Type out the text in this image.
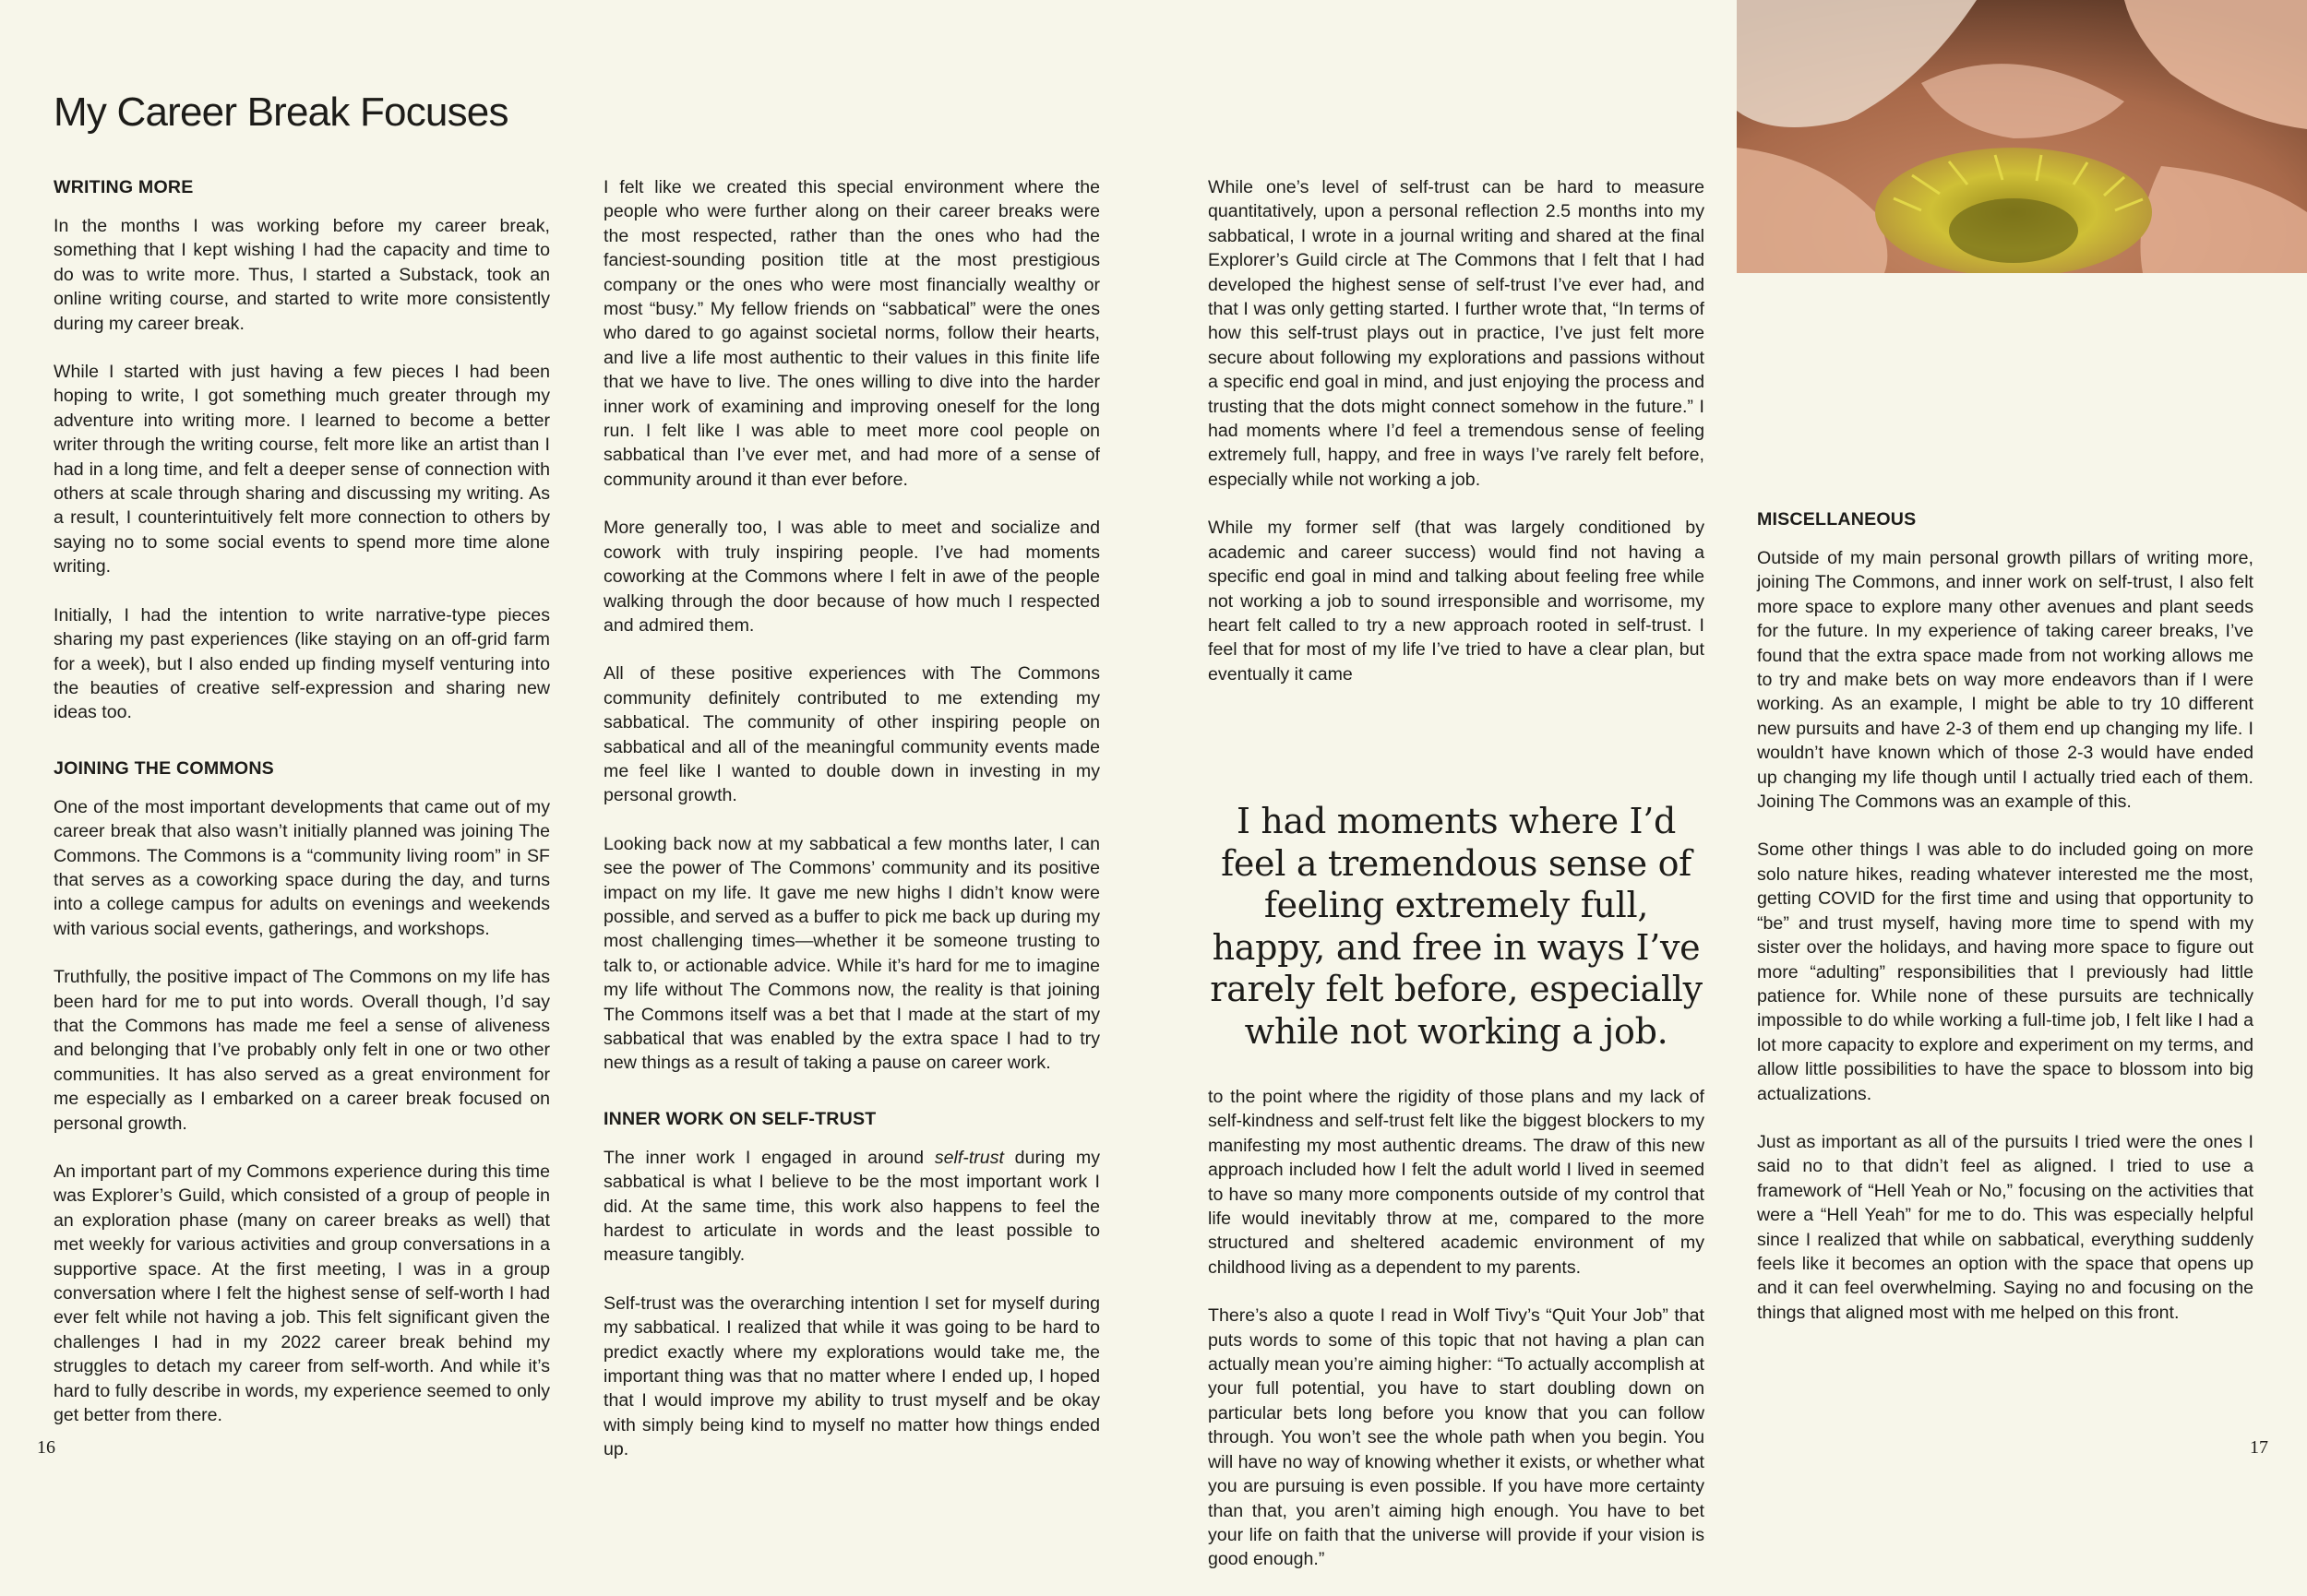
My Career Break Focuses
WRITING MORE

In the months I was working before my career break, something that I kept wishing I had the capacity and time to do was to write more. Thus, I started a Substack, took an online writing course, and started to write more consistently during my career break.

While I started with just having a few pieces I had been hoping to write, I got something much greater through my adventure into writing more. I learned to become a better writer through the writing course, felt more like an artist than I had in a long time, and felt a deeper sense of connection with others at scale through sharing and discussing my writing. As a result, I counterintuitively felt more connection to others by saying no to some social events to spend more time alone writing.

Initially, I had the intention to write narrative-type pieces sharing my past experiences (like staying on an off-grid farm for a week), but I also ended up finding myself venturing into the beauties of creative self-expression and sharing new ideas too.

JOINING THE COMMONS

One of the most important developments that came out of my career break that also wasn’t initially planned was joining The Commons. The Commons is a “community living room” in SF that serves as a coworking space during the day, and turns into a college campus for adults on evenings and weekends with various social events, gatherings, and workshops.

Truthfully, the positive impact of The Commons on my life has been hard for me to put into words. Overall though, I’d say that the Commons has made me feel a sense of aliveness and belonging that I’ve probably only felt in one or two other communities. It has also served as a great environment for me especially as I embarked on a career break focused on personal growth.

An important part of my Commons experience during this time was Explorer’s Guild, which consisted of a group of people in an exploration phase (many on career breaks as well) that met weekly for various activities and group conversations in a supportive space. At the first meeting, I was in a group conversation where I felt the highest sense of self-worth I had ever felt while not having a job. This felt significant given the challenges I had in my 2022 career break behind my struggles to detach my career from self-worth. And while it’s hard to fully describe in words, my experience seemed to only get better from there.

I felt like we created this special environment where the people who were further along on their career breaks were the most respected, rather than the ones who had the fanciest-sounding position title at the most prestigious company or the ones who were most financially wealthy or most “busy.” My fellow friends on “sabbatical” were the ones who dared to go against societal norms, follow their hearts, and live a life most authentic to their values in this finite life that we have to live. The ones willing to dive into the harder inner work of examining and improving oneself for the long run. I felt like I was able to meet more cool people on sabbatical than I’ve ever met, and had more of a sense of community around it than ever before.

More generally too, I was able to meet and socialize and cowork with truly inspiring people. I’ve had moments coworking at the Commons where I felt in awe of the people walking through the door because of how much I respected and admired them.

All of these positive experiences with The Commons community definitely contributed to me extending my sabbatical. The community of other inspiring people on sabbatical and all of the meaningful community events made me feel like I wanted to double down in investing in my personal growth.

Looking back now at my sabbatical a few months later, I can see the power of The Commons’ community and its positive impact on my life. It gave me new highs I didn’t know were possible, and served as a buffer to pick me back up during my most challenging times—whether it be someone trusting to talk to, or actionable advice. While it’s hard for me to imagine my life without The Commons now, the reality is that joining The Commons itself was a bet that I made at the start of my sabbatical that was enabled by the extra space I had to try new things as a result of taking a pause on career work.

INNER WORK ON SELF-TRUST

The inner work I engaged in around self-trust during my sabbatical is what I believe to be the most important work I did. At the same time, this work also happens to feel the hardest to articulate in words and the least possible to measure tangibly.

Self-trust was the overarching intention I set for myself during my sabbatical. I realized that while it was going to be hard to predict exactly where my explorations would take me, the important thing was that no matter where I ended up, I hoped that I would improve my ability to trust myself and be okay with simply being kind to myself no matter how things ended up.

While one’s level of self-trust can be hard to measure quantitatively, upon a personal reflection 2.5 months into my sabbatical, I wrote in a journal writing and shared at the final Explorer’s Guild circle at The Commons that I felt that I had developed the highest sense of self-trust I’ve ever had, and that I was only getting started. I further wrote that, “In terms of how this self-trust plays out in practice, I’ve just felt more secure about following my explorations and passions without a specific end goal in mind, and just enjoying the process and trusting that the dots might connect somehow in the future.” I had moments where I’d feel a tremendous sense of feeling extremely full, happy, and free in ways I’ve rarely felt before, especially while not working a job.

While my former self (that was largely conditioned by academic and career success) would find not having a specific end goal in mind and talking about feeling free while not working a job to sound irresponsible and worrisome, my heart felt called to try a new approach rooted in self-trust. I feel that for most of my life I’ve tried to have a clear plan, but eventually it came

I had moments where I’d feel a tremendous sense of feeling extremely full, happy, and free in ways I’ve rarely felt before, especially while not working a job.

to the point where the rigidity of those plans and my lack of self-kindness and self-trust felt like the biggest blockers to my manifesting my most authentic dreams. The draw of this new approach included how I felt the adult world I lived in seemed to have so many more components outside of my control that life would inevitably throw at me, compared to the more structured and sheltered academic environment of my childhood living as a dependent to my parents.

There’s also a quote I read in Wolf Tivy’s “Quit Your Job” that puts words to some of this topic that not having a plan can actually mean you’re aiming higher: “To actually accomplish at your full potential, you have to start doubling down on particular bets long before you know that you can follow through. You won’t see the whole path when you begin. You will have no way of knowing whether it exists, or whether what you are pursuing is even possible. If you have more certainty than that, you aren’t aiming high enough. You have to bet your life on faith that the universe will provide if your vision is good enough.”

MISCELLANEOUS

Outside of my main personal growth pillars of writing more, joining The Commons, and inner work on self-trust, I also felt more space to explore many other avenues and plant seeds for the future. In my experience of taking career breaks, I’ve found that the extra space made from not working allows me to try and make bets on way more endeavors than if I were working. As an example, I might be able to try 10 different new pursuits and have 2-3 of them end up changing my life. I wouldn’t have known which of those 2-3 would have ended up changing my life though until I actually tried each of them. Joining The Commons was an example of this.

Some other things I was able to do included going on more solo nature hikes, reading whatever interested me the most, getting COVID for the first time and using that opportunity to “be” and trust myself, having more time to spend with my sister over the holidays, and having more space to figure out more “adulting” responsibilities that I previously had little patience for. While none of these pursuits are technically impossible to do while working a full-time job, I felt like I had a lot more capacity to explore and experiment on my terms, and allow little possibilities to have the space to blossom into big actualizations.

Just as important as all of the pursuits I tried were the ones I said no to that didn’t feel as aligned. I tried to use a framework of “Hell Yeah or No,” focusing on the activities that were a “Hell Yeah” for me to do. This was especially helpful since I realized that while on sabbatical, everything suddenly feels like it becomes an option with the space that opens up and it can feel overwhelming. Saying no and focusing on the things that aligned most with me helped on this front.

16	17
